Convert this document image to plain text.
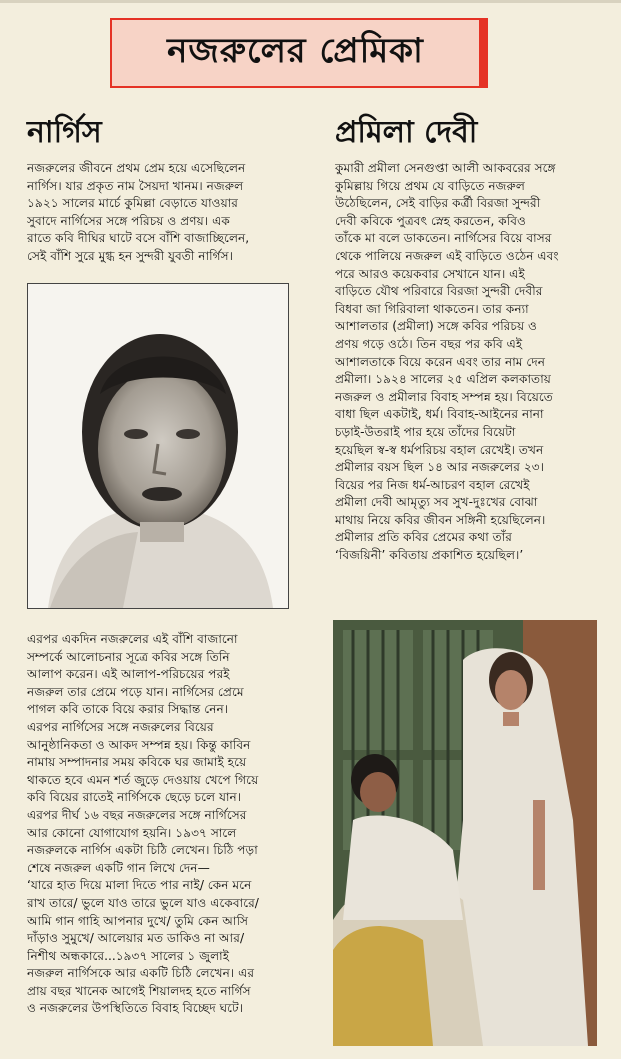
নজরুলের প্রেমিকা
নার্গিস	প্রমিলা দেবী
নজরুলের জীবনে প্রথম প্রেম হয়ে এসেছিলেন
নার্গিস। যার প্রকৃত নাম সৈয়দা খানম। নজরুল
১৯২১ সালের মার্চে কুমিল্লা বেড়াতে যাওয়ার
সুবাদে নার্গিসের সঙ্গে পরিচয় ও প্রণয়। এক
রাতে কবি দীঘির ঘাটে বসে বাঁশি বাজাচ্ছিলেন,
সেই বাঁশি সুরে মুগ্ধ হন সুন্দরী যুবতী নার্গিস।
এরপর একদিন নজরুলের এই বাঁশি বাজানো
সম্পর্কে আলোচনার সূত্রে কবির সঙ্গে তিনি
আলাপ করেন। এই আলাপ-পরিচয়ের পরই
নজরুল তার প্রেমে পড়ে যান। নার্গিসের প্রেমে
পাগল কবি তাকে বিয়ে করার সিদ্ধান্ত নেন।
এরপর নার্গিসের সঙ্গে নজরুলের বিয়ের
আনুষ্ঠানিকতা ও আকদ সম্পন্ন হয়। কিন্তু কাবিন
নামায় সম্পাদনার সময় কবিকে ঘর জামাই হয়ে
থাকতে হবে এমন শর্ত জুড়ে দেওয়ায় খেপে গিয়ে
কবি বিয়ের রাতেই নার্গিসকে ছেড়ে চলে যান।
এরপর দীর্ঘ ১৬ বছর নজরুলের সঙ্গে নার্গিসের
আর কোনো যোগাযোগ হয়নি। ১৯৩৭ সালে
নজরুলকে নার্গিস একটা চিঠি লেখেন। চিঠি পড়া
শেষে নজরুল একটি গান লিখে দেন—
‘যারে হাত দিয়ে মালা দিতে পার নাই/ কেন মনে
রাখ তারে/ ভুলে যাও তারে ভুলে যাও একেবারে/
আমি গান গাহি আপনার দুখে/ তুমি কেন আসি
দাঁড়াও সুমুখে/ আলেয়ার মত ডাকিও না আর/
নিশীথ অন্ধকারে...১৯৩৭ সালের ১ জুলাই
নজরুল নার্গিসকে আর একটি চিঠি লেখেন। এর
প্রায় বছর খানেক আগেই শিয়ালদহ হতে নার্গিস
ও নজরুলের উপস্থিতিতে বিবাহ বিচ্ছেদ ঘটে।
কুমারী প্রমীলা সেনগুপ্তা আলী আকবরের সঙ্গে
কুমিল্লায় গিয়ে প্রথম যে বাড়িতে নজরুল
উঠেছিলেন, সেই বাড়ির কর্ত্রী বিরজা সুন্দরী
দেবী কবিকে পুত্রবৎ স্নেহ করতেন, কবিও
তাঁকে মা বলে ডাকতেন। নার্গিসের বিয়ে বাসর
থেকে পালিয়ে নজরুল এই বাড়িতে ওঠেন এবং
পরে আরও কয়েকবার সেখানে যান। এই
বাড়িতে যৌথ পরিবারে বিরজা সুন্দরী দেবীর
বিধবা জা গিরিবালা থাকতেন। তার কন্যা
আশালতার (প্রমীলা) সঙ্গে কবির পরিচয় ও
প্রণয় গড়ে ওঠে। তিন বছর পর কবি এই
আশালতাকে বিয়ে করেন এবং তার নাম দেন
প্রমীলা। ১৯২৪ সালের ২৫ এপ্রিল কলকাতায়
নজরুল ও প্রমীলার বিবাহ সম্পন্ন হয়। বিয়েতে
বাধা ছিল একটাই, ধর্ম। বিবাহ-আইনের নানা
চড়াই-উতরাই পার হয়ে তাঁদের বিয়েটা
হয়েছিল স্ব-স্ব ধর্মপরিচয় বহাল রেখেই। তখন
প্রমীলার বয়স ছিল ১৪ আর নজরুলের ২৩।
বিয়ের পর নিজ ধর্ম-আচরণ বহাল রেখেই
প্রমীলা দেবী আমৃত্যু সব সুখ-দুঃখের বোঝা
মাথায় নিয়ে কবির জীবন সঙ্গিনী হয়েছিলেন।
প্রমীলার প্রতি কবির প্রেমের কথা তাঁর
‘বিজয়িনী’ কবিতায় প্রকাশিত হয়েছিল।’
